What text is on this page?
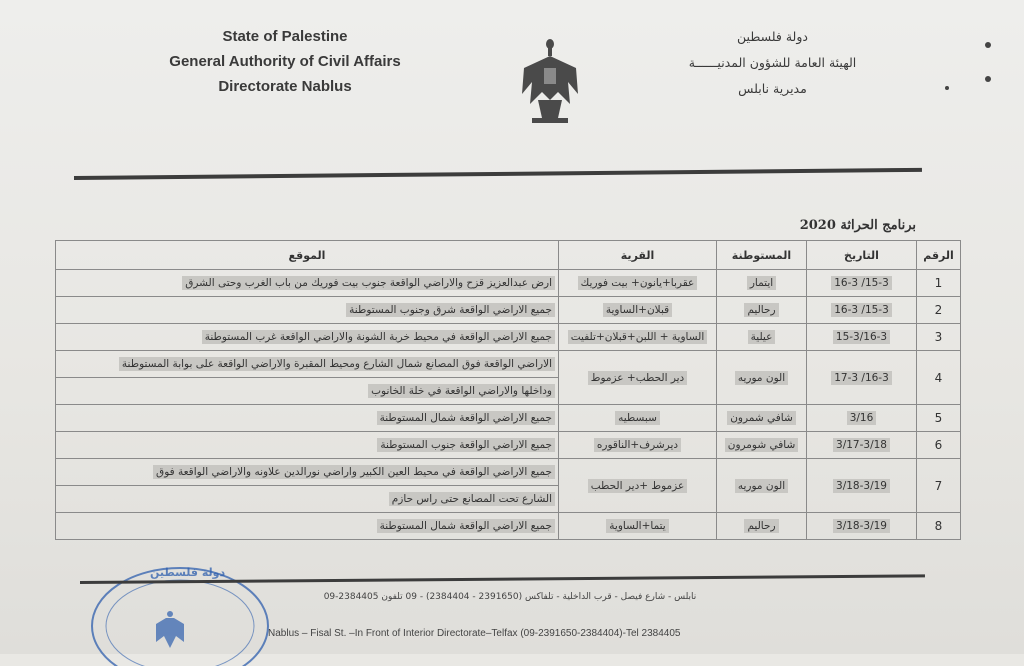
State of Palestine
General Authority of Civil Affairs
Directorate Nablus
دولة فلسطين
الهيئة العامة للشؤون المدنيــــــة
مديرية نابلس
برنامج الحراثة 2020
الرقم	التاريخ	المستوطنة	القرية	الموقع
1	15-3/ 16-3	ايتمار	عقربا+يانون+ بيت فوريك	ارض عبدالعزيز قزح والاراضي الواقعة جنوب بيت فوريك من باب الغرب وحتى الشرق
2	15-3/ 16-3	رحاليم	قبلان+الساوية	جميع الاراضي الواقعة شرق وجنوب المستوطنة
3	15-3/16-3	عيلية	الساوية + اللبن+قبلان+تلفيت	جميع الاراضي الواقعة في محيط خربة الشونة والاراضي الواقعة غرب المستوطنة
4	16-3/ 17-3	الون موريه	دير الحطب+ عزموط	الاراضي الواقعة فوق المصانع شمال الشارع ومحيط المقبرة والاراضي الواقعة على بوابة المستوطنة
				وداخلها والاراضي الواقعة في خلة الخانوب
5	3/16	شافي شمرون	سبسطيه	جميع الاراضي الواقعة شمال المستوطنة
6	3/17-3/18	شافي شومرون	ديرشرف+الناقوره	جميع الاراضي الواقعة جنوب المستوطنة
7	3/18-3/19	الون موريه	عزموط +دير الحطب	جميع الاراضي الواقعة في محيط العين الكبير واراضي نورالدين علاونه والاراضي الواقعة فوق
				الشارع تحت المصانع حتى راس حازم
8	3/18-3/19	رحاليم	يتما+الساوية	جميع الاراضي الواقعة شمال المستوطنة
دولة فلسطين
نابلس - شارع فيصل - قرب الداخلية - تلفاكس (2391650 - 2384404) - 09 تلفون 2384405-09
Nablus – Fisal St. –In Front of Interior Directorate–Telfax (09-2391650-2384404)-Tel 2384405
